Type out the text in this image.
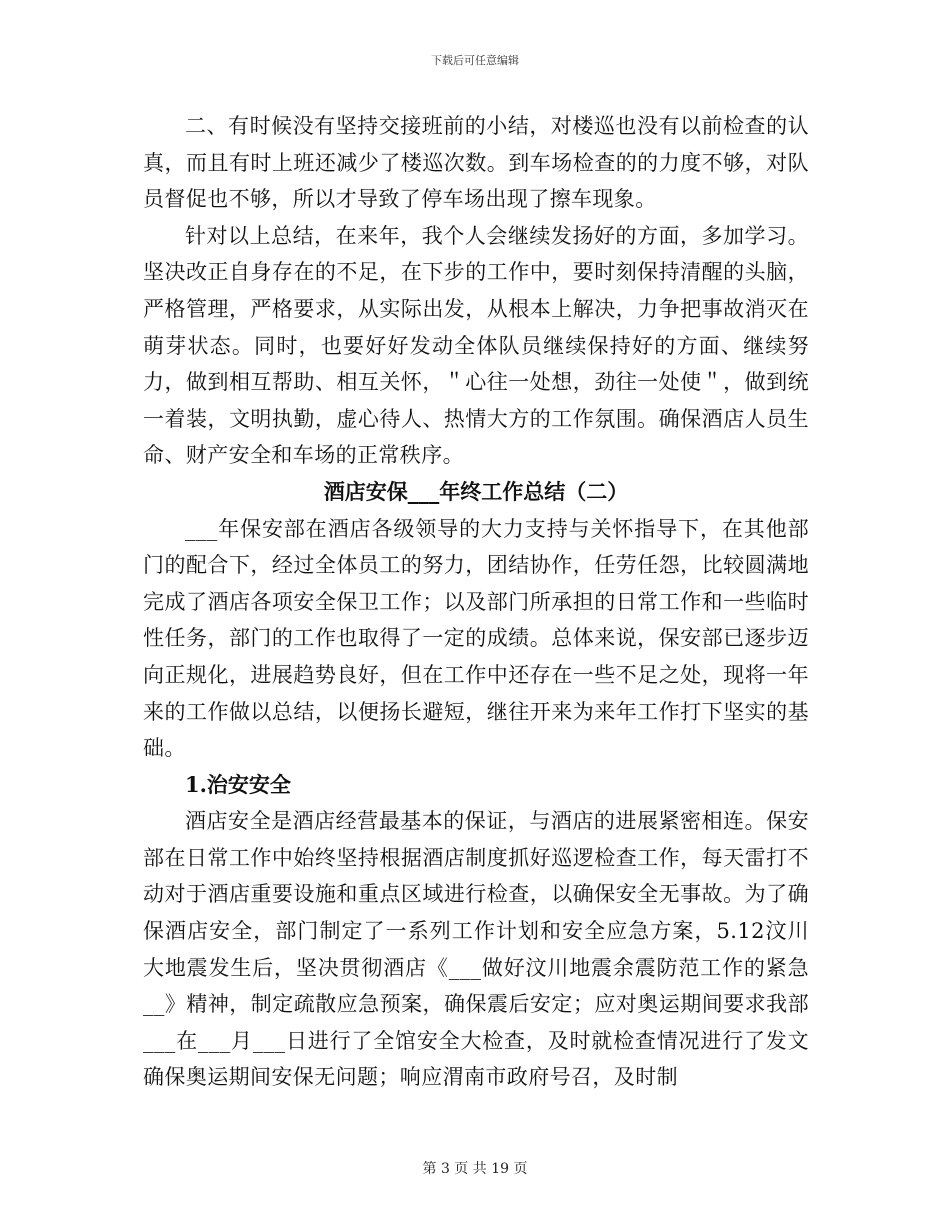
下载后可任意编辑

二、有时候没有坚持交接班前的小结，对楼巡也没有以前检查的认真，而且有时上班还减少了楼巡次数。到车场检查的的力度不够，对队员督促也不够，所以才导致了停车场出现了擦车现象。

针对以上总结，在来年，我个人会继续发扬好的方面，多加学习。坚决改正自身存在的不足，在下步的工作中，要时刻保持清醒的头脑，严格管理，严格要求，从实际出发，从根本上解决，力争把事故消灭在萌芽状态。同时，也要好好发动全体队员继续保持好的方面、继续努力，做到相互帮助、相互关怀，＂心往一处想，劲往一处使＂，做到统一着装，文明执勤，虚心待人、热情大方的工作氛围。确保酒店人员生命、财产安全和车场的正常秩序。

酒店安保___年终工作总结（二）

___年保安部在酒店各级领导的大力支持与关怀指导下，在其他部门的配合下，经过全体员工的努力，团结协作，任劳任怨，比较圆满地完成了酒店各项安全保卫工作；以及部门所承担的日常工作和一些临时性任务，部门的工作也取得了一定的成绩。总体来说，保安部已逐步迈向正规化，进展趋势良好，但在工作中还存在一些不足之处，现将一年来的工作做以总结，以便扬长避短，继往开来为来年工作打下坚实的基础。

1.治安安全

酒店安全是酒店经营最基本的保证，与酒店的进展紧密相连。保安部在日常工作中始终坚持根据酒店制度抓好巡逻检查工作，每天雷打不动对于酒店重要设施和重点区域进行检查，以确保安全无事故。为了确保酒店安全，部门制定了一系列工作计划和安全应急方案，5.12汶川大地震发生后，坚决贯彻酒店《___做好汶川地震余震防范工作的紧急__》精神，制定疏散应急预案，确保震后安定；应对奥运期间要求我部___在___月___日进行了全馆安全大检查，及时就检查情况进行了发文确保奥运期间安保无问题；响应渭南市政府号召，及时制

第 3 页 共 19 页
